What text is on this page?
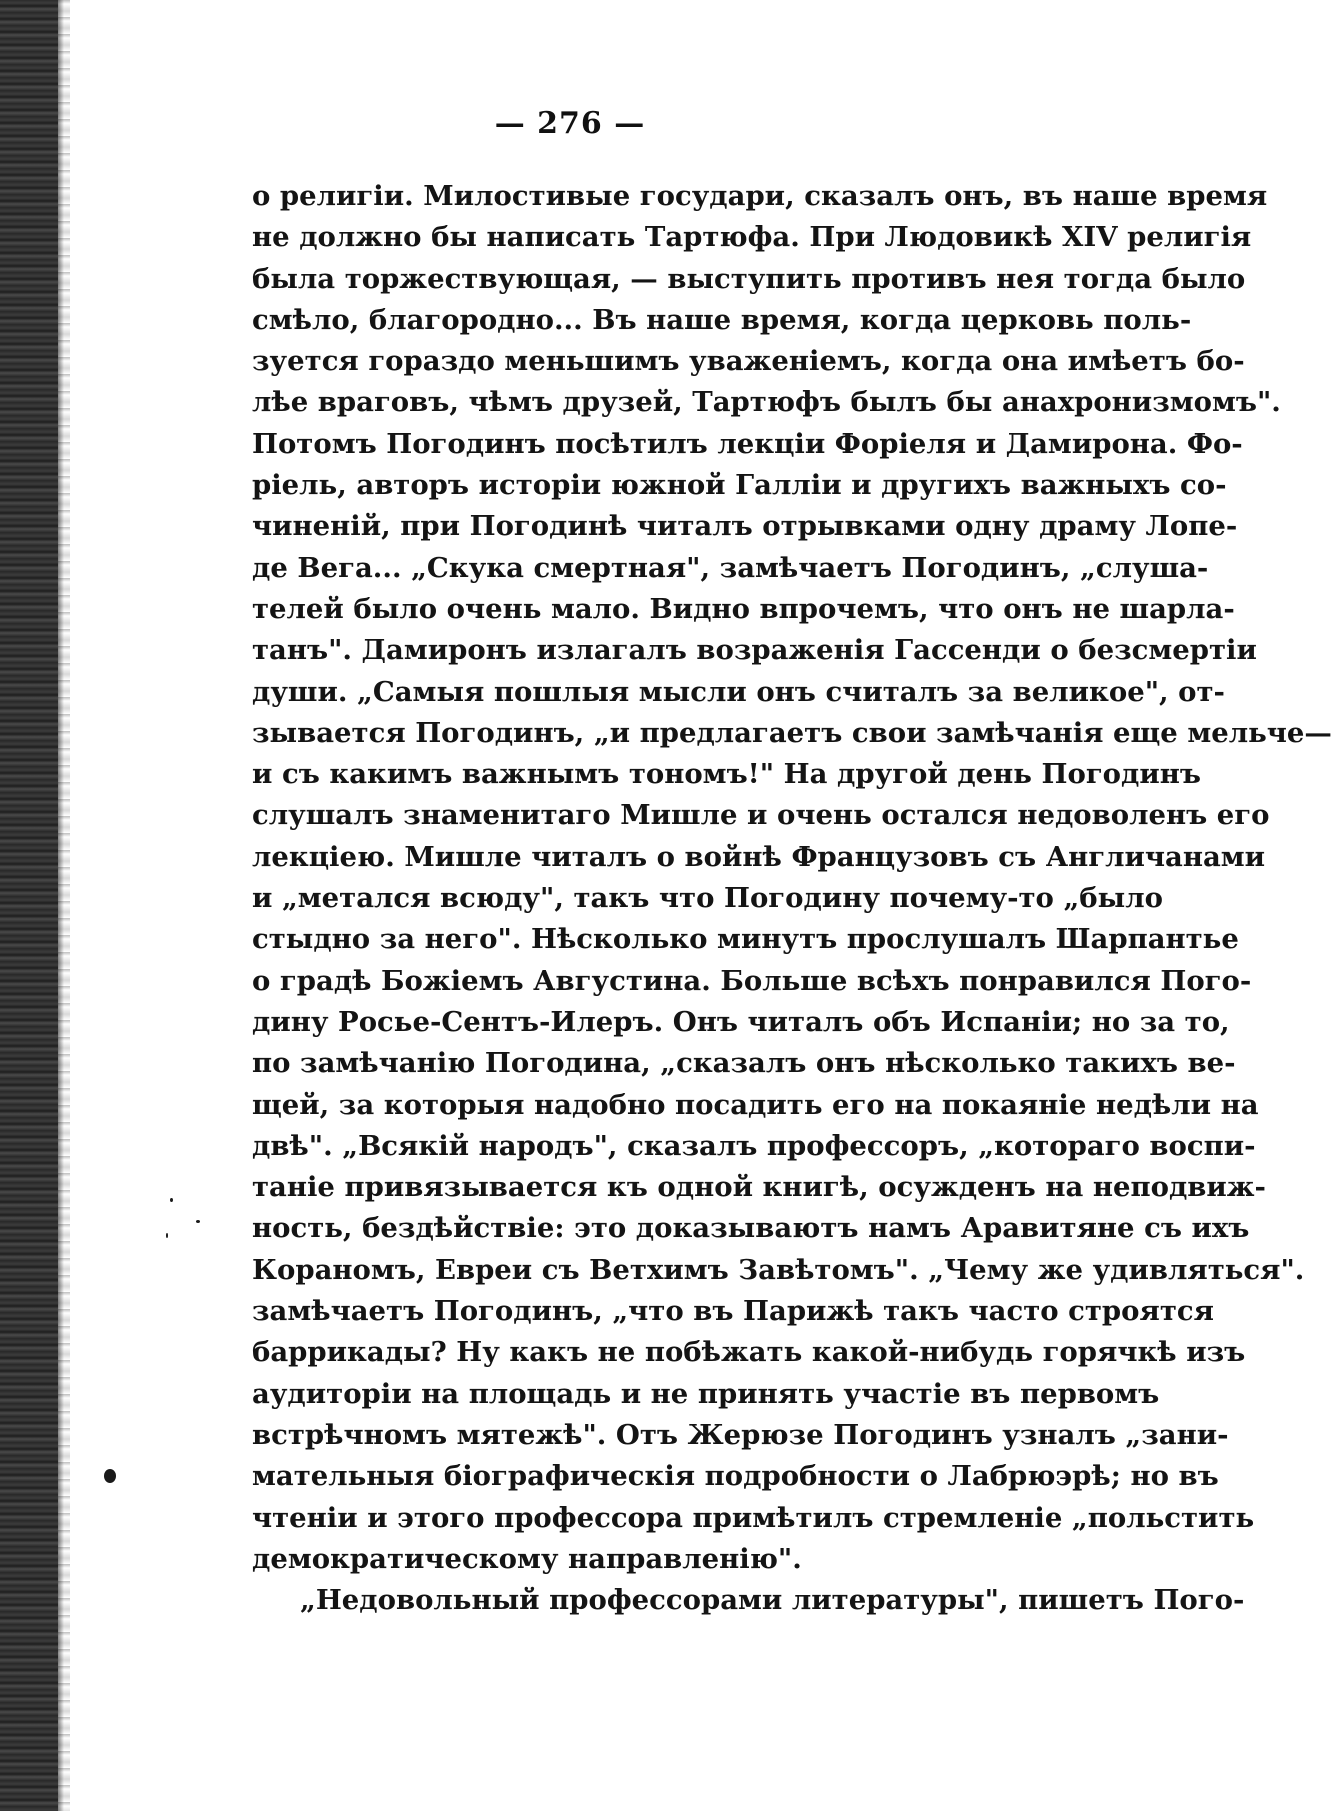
— 276 —
о религіи. Милостивые государи, сказалъ онъ, въ наше время
не должно бы написать Тартюфа. При Людовикѣ XIV религія
была торжествующая, — выступить противъ нея тогда было
смѣло, благородно... Въ наше время, когда церковь поль-
зуется гораздо меньшимъ уваженіемъ, когда она имѣетъ бо-
лѣе враговъ, чѣмъ друзей, Тартюфъ былъ бы анахронизмомъ".
Потомъ Погодинъ посѣтилъ лекціи Форіеля и Дамирона. Фо-
ріель, авторъ исторіи южной Галліи и другихъ важныхъ со-
чиненій, при Погодинѣ читалъ отрывками одну драму Лопе-
де Вега... „Скука смертная", замѣчаетъ Погодинъ, „слуша-
телей было очень мало. Видно впрочемъ, что онъ не шарла-
танъ". Дамиронъ излагалъ возраженія Гассенди о безсмертіи
души. „Самыя пошлыя мысли онъ считалъ за великое", от-
зывается Погодинъ, „и предлагаетъ свои замѣчанія еще мельче—
и съ какимъ важнымъ тономъ!" На другой день Погодинъ
слушалъ знаменитаго Мишле и очень остался недоволенъ его
лекціею. Мишле читалъ о войнѣ Французовъ съ Англичанами
и „метался всюду", такъ что Погодину почему-то „было
стыдно за него". Нѣсколько минутъ прослушалъ Шарпантье
о градѣ Божіемъ Августина. Больше всѣхъ понравился Пого-
дину Росье-Сентъ-Илеръ. Онъ читалъ объ Испаніи; но за то,
по замѣчанію Погодина, „сказалъ онъ нѣсколько такихъ ве-
щей, за которыя надобно посадить его на покаяніе недѣли на
двѣ". „Всякій народъ", сказалъ профессоръ, „котораго воспи-
таніе привязывается къ одной книгѣ, осужденъ на неподвиж-
ность, бездѣйствіе: это доказываютъ намъ Аравитяне съ ихъ
Кораномъ, Евреи съ Ветхимъ Завѣтомъ". „Чему же удивляться".
замѣчаетъ Погодинъ, „что въ Парижѣ такъ часто строятся
баррикады? Ну какъ не побѣжать какой-нибудь горячкѣ изъ
аудиторіи на площадь и не принять участіе въ первомъ
встрѣчномъ мятежѣ". Отъ Жерюзе Погодинъ узналъ „зани-
мательныя біографическія подробности о Лабрюэрѣ; но въ
чтеніи и этого профессора примѣтилъ стремленіе „польстить
демократическому направленію".
„Недовольный профессорами литературы", пишетъ Пого-
